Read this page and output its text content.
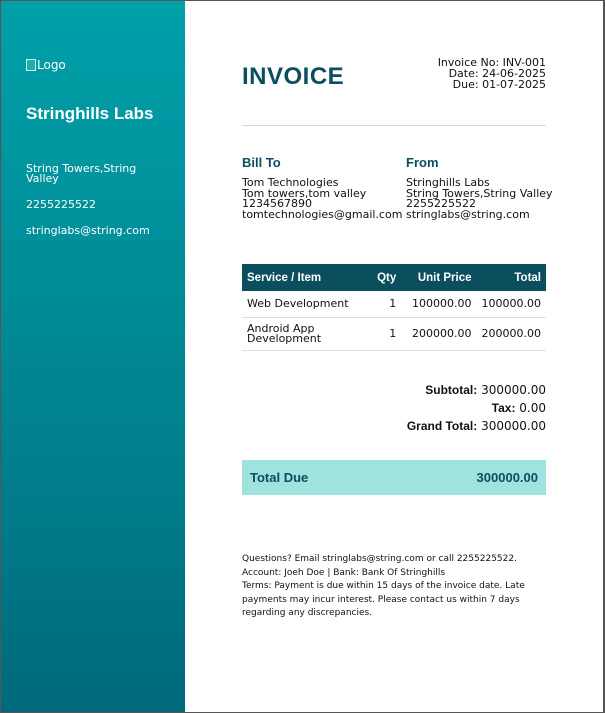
Logo
Stringhills Labs
String Towers,String Valley
2255225522
stringlabs@string.com
INVOICE
Invoice No: INV-001
Date: 24-06-2025
Due: 01-07-2025
Bill To
Tom Technologies
Tom towers,tom valley
1234567890
tomtechnologies@gmail.com
From
Stringhills Labs
String Towers,String Valley
2255225522
stringlabs@string.com
Service / Item	Qty	Unit Price	Total
Web Development	1	100000.00	100000.00
Android App Development	1	200000.00	200000.00
Subtotal: 300000.00
Tax: 0.00
Grand Total: 300000.00
Total Due	300000.00
Questions? Email stringlabs@string.com or call 2255225522.
Account: Joeh Doe | Bank: Bank Of Stringhills
Terms: Payment is due within 15 days of the invoice date. Late payments may incur interest. Please contact us within 7 days regarding any discrepancies.
